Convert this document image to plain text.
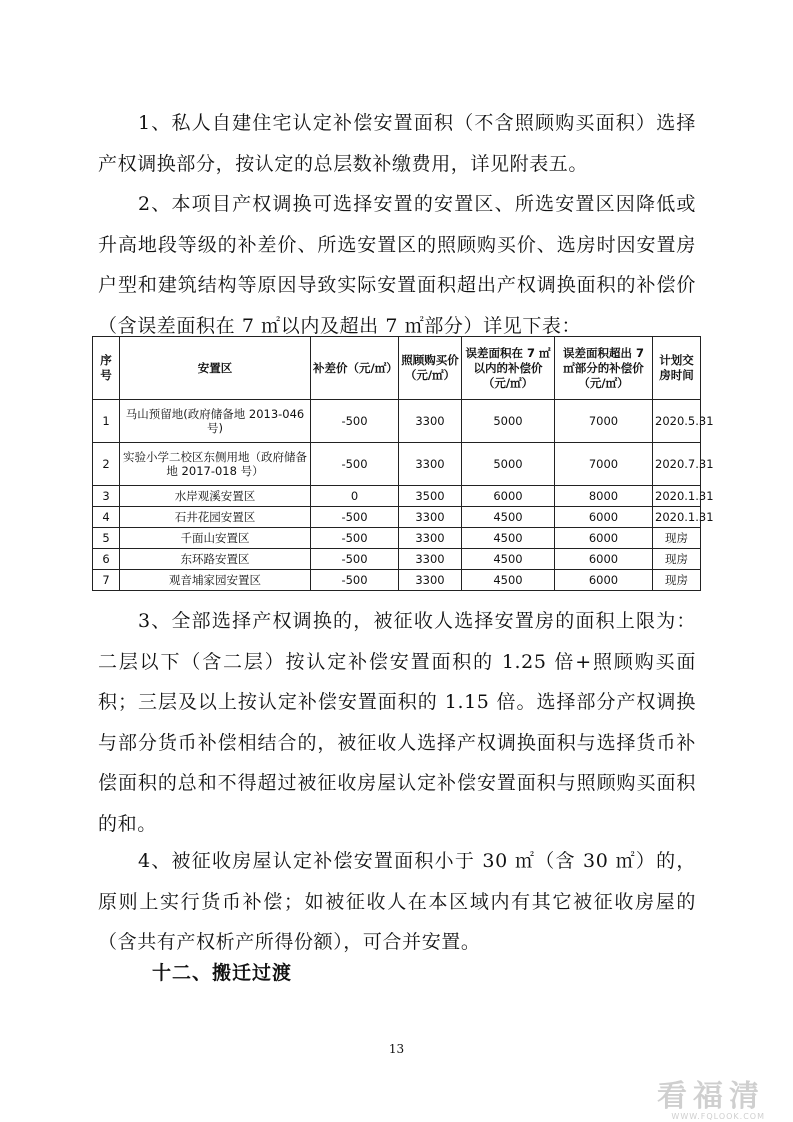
1、私人自建住宅认定补偿安置面积（不含照顾购买面积）选择产权调换部分，按认定的总层数补缴费用，详见附表五。

2、本项目产权调换可选择安置的安置区、所选安置区因降低或升高地段等级的补差价、所选安置区的照顾购买价、选房时因安置房户型和建筑结构等原因导致实际安置面积超出产权调换面积的补偿价（含误差面积在 7 ㎡以内及超出 7 ㎡部分）详见下表：

序号	安置区	补差价（元/㎡）	照顾购买价（元/㎡）	误差面积在 7 ㎡以内的补偿价（元/㎡）	误差面积超出 7 ㎡部分的补偿价（元/㎡）	计划交房时间
1	马山预留地(政府储备地 2013-046 号)	-500	3300	5000	7000	2020.5.31
2	实验小学二校区东侧用地（政府储备地 2017-018 号）	-500	3300	5000	7000	2020.7.31
3	水岸观溪安置区	0	3500	6000	8000	2020.1.31
4	石井花园安置区	-500	3300	4500	6000	2020.1.31
5	千面山安置区	-500	3300	4500	6000	现房
6	东环路安置区	-500	3300	4500	6000	现房
7	观音埔家园安置区	-500	3300	4500	6000	现房

3、全部选择产权调换的，被征收人选择安置房的面积上限为：二层以下（含二层）按认定补偿安置面积的 1.25 倍+照顾购买面积；三层及以上按认定补偿安置面积的 1.15 倍。选择部分产权调换与部分货币补偿相结合的，被征收人选择产权调换面积与选择货币补偿面积的总和不得超过被征收房屋认定补偿安置面积与照顾购买面积的和。

4、被征收房屋认定补偿安置面积小于 30 ㎡（含 30 ㎡）的，原则上实行货币补偿；如被征收人在本区域内有其它被征收房屋的（含共有产权析产所得份额），可合并安置。

十二、搬迁过渡

13

看福清
WWW.FQLOOK.COM
